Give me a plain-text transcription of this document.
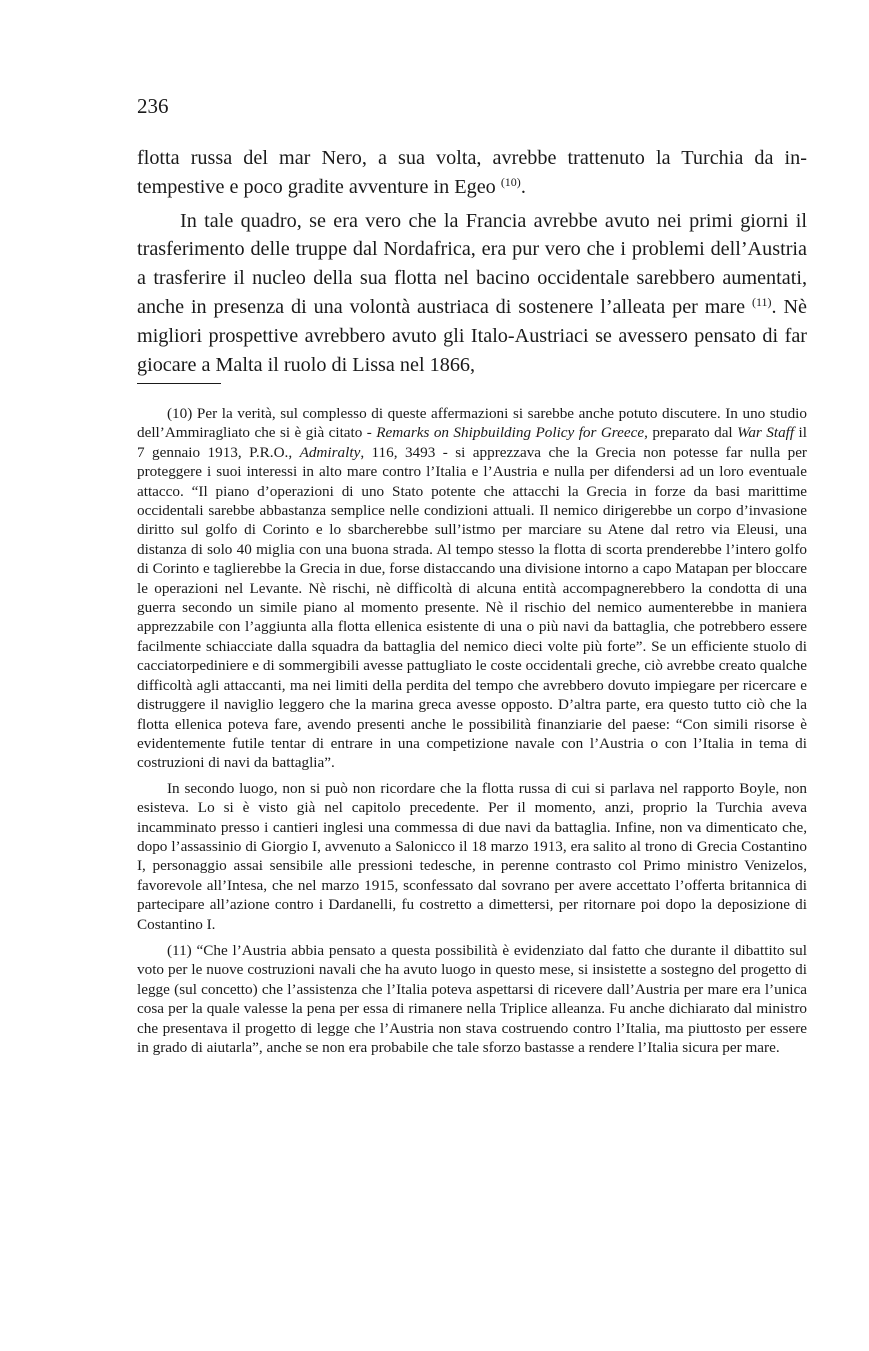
236

flotta russa del mar Nero, a sua volta, avrebbe trattenuto la Turchia da intempestive e poco gradite avventure in Egeo $^{(10)}$.

In tale quadro, se era vero che la Francia avrebbe avuto nei primi giorni il trasferimento delle truppe dal Nordafrica, era pur vero che i problemi dell’Austria a trasferire il nucleo della sua flotta nel bacino occidentale sarebbero aumentati, anche in presenza di una volontà austriaca di sostenere l’alleata per mare $^{(11)}$. Nè migliori prospettive avrebbero avuto gli Italo-Austriaci se avessero pensato di far giocare a Malta il ruolo di Lissa nel 1866,

(10) Per la verità, sul complesso di queste affermazioni si sarebbe anche potuto discutere. In uno studio dell’Ammiragliato che si è già citato - Remarks on Shipbuilding Policy for Greece, preparato dal War Staff il 7 gennaio 1913, P.R.O., Admiralty, 116, 3493 - si apprezzava che la Grecia non potesse far nulla per proteggere i suoi interessi in alto mare contro l’Italia e l’Austria e nulla per difendersi ad un loro eventuale attacco. “Il piano d’operazioni di uno Stato potente che attacchi la Grecia in forze da basi marittime occidentali sarebbe abbastanza semplice nelle condizioni attuali. Il nemico dirigerebbe un corpo d’invasione diritto sul golfo di Corinto e lo sbarcherebbe sull’istmo per marciare su Atene dal retro via Eleusi, una distanza di solo 40 miglia con una buona strada. Al tempo stesso la flotta di scorta prenderebbe l’intero golfo di Corinto e taglierebbe la Grecia in due, forse distaccando una divisione intorno a capo Matapan per bloccare le operazioni nel Levante. Nè rischi, nè difficoltà di alcuna entità accompagnerebbero la condotta di una guerra secondo un simile piano al momento presente. Nè il rischio del nemico aumenterebbe in maniera apprezzabile con l’aggiunta alla flotta ellenica esistente di una o più navi da battaglia, che potrebbero essere facilmente schiacciate dalla squadra da battaglia del nemico dieci volte più forte”. Se un efficiente stuolo di cacciatorpediniere e di sommergibili avesse pattugliato le coste occidentali greche, ciò avrebbe creato qualche difficoltà agli attaccanti, ma nei limiti della perdita del tempo che avrebbero dovuto impiegare per ricercare e distruggere il naviglio leggero che la marina greca avesse opposto. D’altra parte, era questo tutto ciò che la flotta ellenica poteva fare, avendo presenti anche le possibilità finanziarie del paese: “Con simili risorse è evidentemente futile tentar di entrare in una competizione navale con l’Austria o con l’Italia in tema di costruzioni di navi da battaglia”.

In secondo luogo, non si può non ricordare che la flotta russa di cui si parlava nel rapporto Boyle, non esisteva. Lo si è visto già nel capitolo precedente. Per il momento, anzi, proprio la Turchia aveva incamminato presso i cantieri inglesi una commessa di due navi da battaglia. Infine, non va dimenticato che, dopo l’assassinio di Giorgio I, avvenuto a Salonicco il 18 marzo 1913, era salito al trono di Grecia Costantino I, personaggio assai sensibile alle pressioni tedesche, in perenne contrasto col Primo ministro Venizelos, favorevole all’Intesa, che nel marzo 1915, sconfessato dal sovrano per avere accettato l’offerta britannica di partecipare all’azione contro i Dardanelli, fu costretto a dimettersi, per ritornare poi dopo la deposizione di Costantino I.

(11) “Che l’Austria abbia pensato a questa possibilità è evidenziato dal fatto che durante il dibattito sul voto per le nuove costruzioni navali che ha avuto luogo in questo mese, si insistette a sostegno del progetto di legge (sul concetto) che l’assistenza che l’Italia poteva aspettarsi di ricevere dall’Austria per mare era l’unica cosa per la quale valesse la pena per essa di rimanere nella Triplice alleanza. Fu anche dichiarato dal ministro che presentava il progetto di legge che l’Austria non stava costruendo contro l’Italia, ma piuttosto per essere in grado di aiutarla”, anche se non era probabile che tale sforzo bastasse a rendere l’Italia sicura per mare.
